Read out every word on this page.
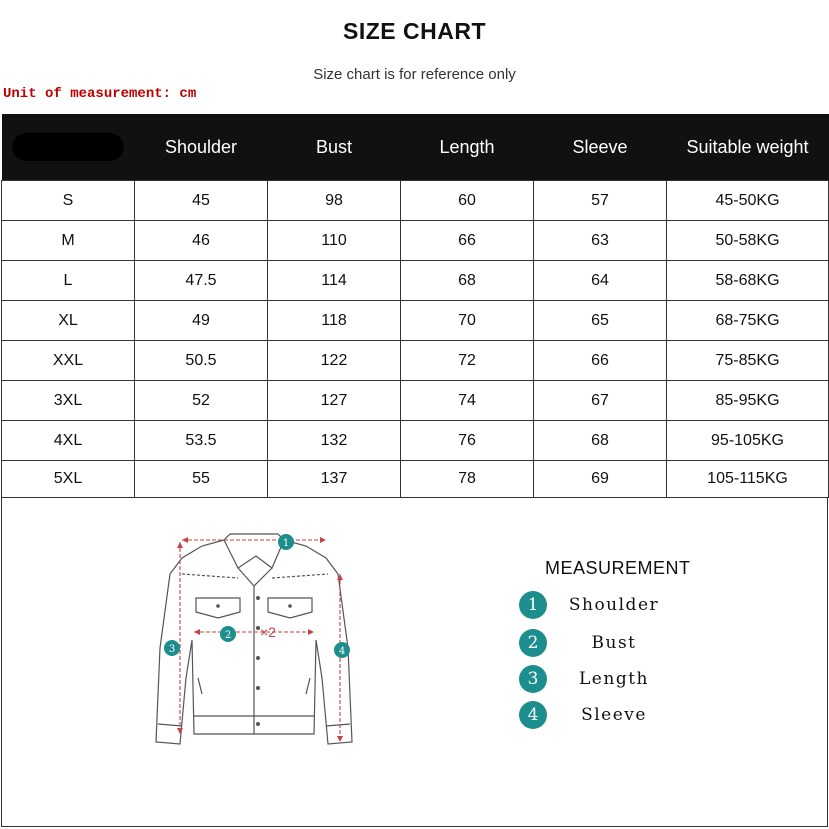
SIZE CHART
Size chart is for reference only
Unit of measurement: cm
	Shoulder	Bust	Length	Sleeve	Suitable weight
S	45	98	60	57	45-50KG
M	46	110	66	63	50-58KG
L	47.5	114	68	64	58-68KG
XL	49	118	70	65	68-75KG
XXL	50.5	122	72	66	75-85KG
3XL	52	127	74	67	85-95KG
4XL	53.5	132	76	68	95-105KG
5XL	55	137	78	69	105-115KG
×2
1
2
3	4
MEASUREMENT
1	Shoulder
2	Bust
3	Length
4	Sleeve
